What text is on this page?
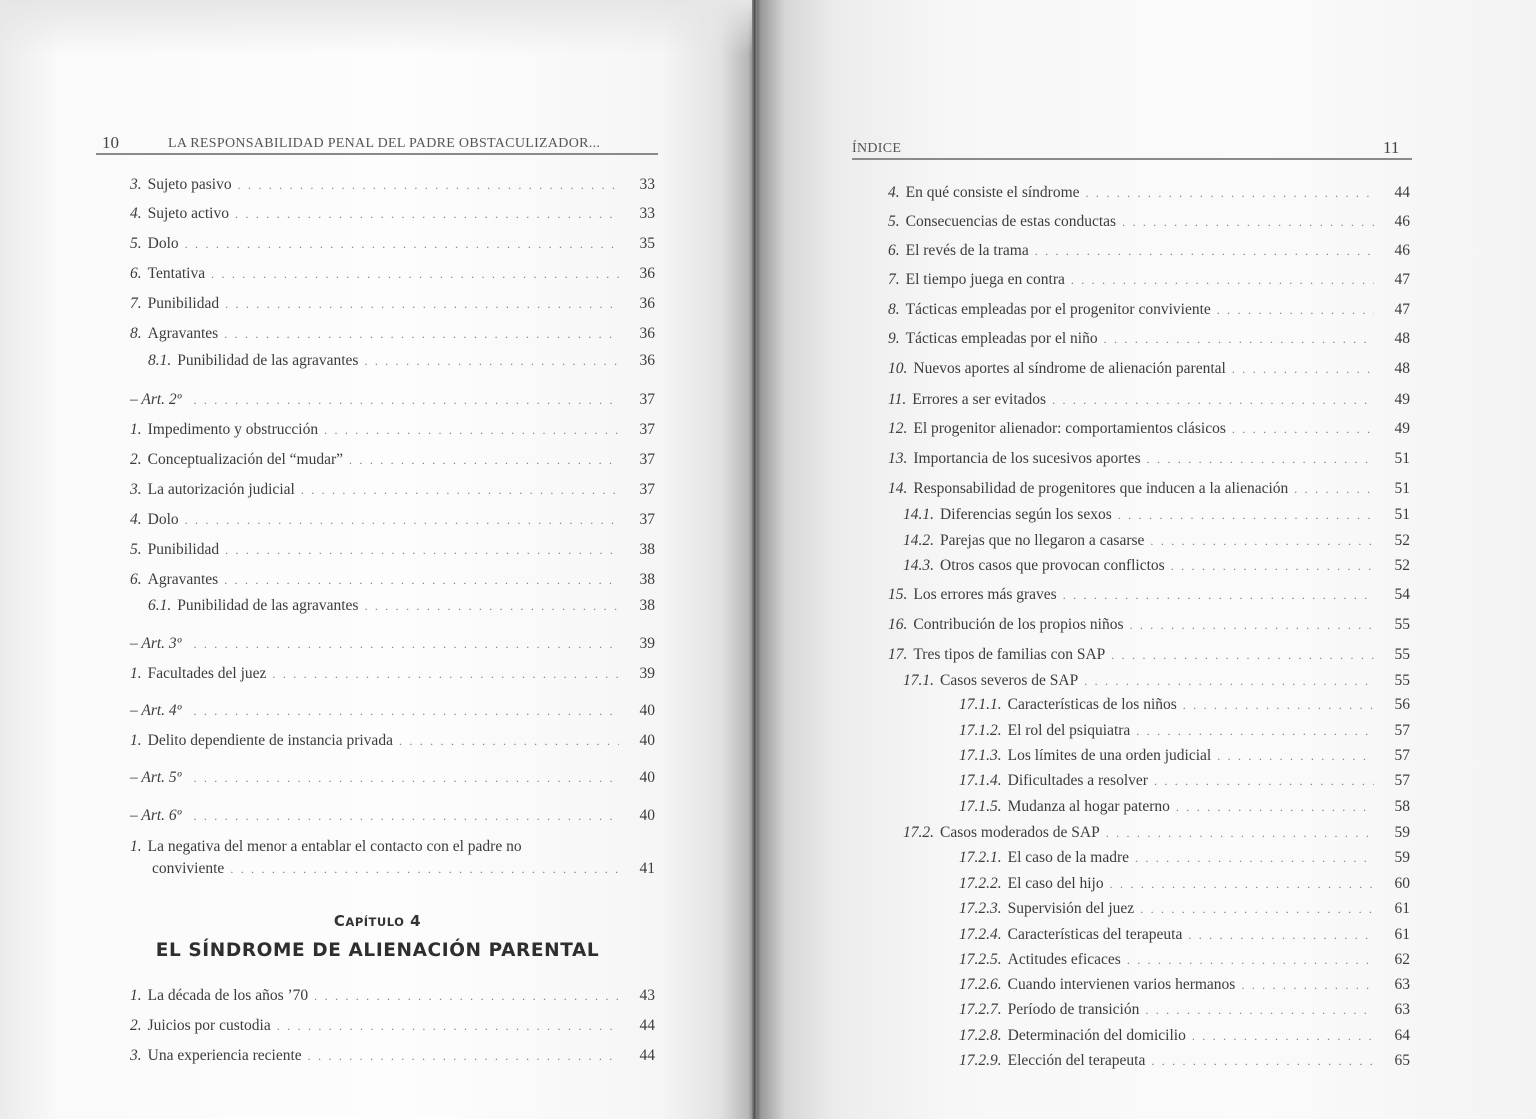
10	LA RESPONSABILIDAD PENAL DEL PADRE OBSTACULIZADOR...
3. Sujeto pasivo . . .	33
4. Sujeto activo . . .	33
5. Dolo . . .	35
6. Tentativa . . .	36
7. Punibilidad . . .	36
8. Agravantes . . .	36
8.1. Punibilidad de las agravantes . . .	36
– Art. 2º . . .	37
1. Impedimento y obstrucción . . .	37
2. Conceptualización del “mudar” . . .	37
3. La autorización judicial . . .	37
4. Dolo . . .	37
5. Punibilidad . . .	38
6. Agravantes . . .	38
6.1. Punibilidad de las agravantes . . .	38
– Art. 3º . . .	39
1. Facultades del juez . . .	39
– Art. 4º . . .	40
1. Delito dependiente de instancia privada . . .	40
– Art. 5º . . .	40
– Art. 6º . . .	40
1. La negativa del menor a entablar el contacto con el padre no
conviviente . . .	41
CAPÍTULO 4
EL SÍNDROME DE ALIENACIÓN PARENTAL
1. La década de los años ’70 . . .	43
2. Juicios por custodia . . .	44
3. Una experiencia reciente . . .	44
ÍNDICE	11
4. En qué consiste el síndrome . . .	44
5. Consecuencias de estas conductas . . .	46
6. El revés de la trama . . .	46
7. El tiempo juega en contra . . .	47
8. Tácticas empleadas por el progenitor conviviente . . .	47
9. Tácticas empleadas por el niño . . .	48
10. Nuevos aportes al síndrome de alienación parental . . .	48
11. Errores a ser evitados . . .	49
12. El progenitor alienador: comportamientos clásicos . . .	49
13. Importancia de los sucesivos aportes . . .	51
14. Responsabilidad de progenitores que inducen a la alienación . . .	51
14.1. Diferencias según los sexos . . .	51
14.2. Parejas que no llegaron a casarse . . .	52
14.3. Otros casos que provocan conflictos . . .	52
15. Los errores más graves . . .	54
16. Contribución de los propios niños . . .	55
17. Tres tipos de familias con SAP . . .	55
17.1. Casos severos de SAP . . .	55
17.1.1. Características de los niños . . .	56
17.1.2. El rol del psiquiatra . . .	57
17.1.3. Los límites de una orden judicial . . .	57
17.1.4. Dificultades a resolver . . .	57
17.1.5. Mudanza al hogar paterno . . .	58
17.2. Casos moderados de SAP . . .	59
17.2.1. El caso de la madre . . .	59
17.2.2. El caso del hijo . . .	60
17.2.3. Supervisión del juez . . .	61
17.2.4. Características del terapeuta . . .	61
17.2.5. Actitudes eficaces . . .	62
17.2.6. Cuando intervienen varios hermanos . . .	63
17.2.7. Período de transición . . .	63
17.2.8. Determinación del domicilio . . .	64
17.2.9. Elección del terapeuta . . .	65
